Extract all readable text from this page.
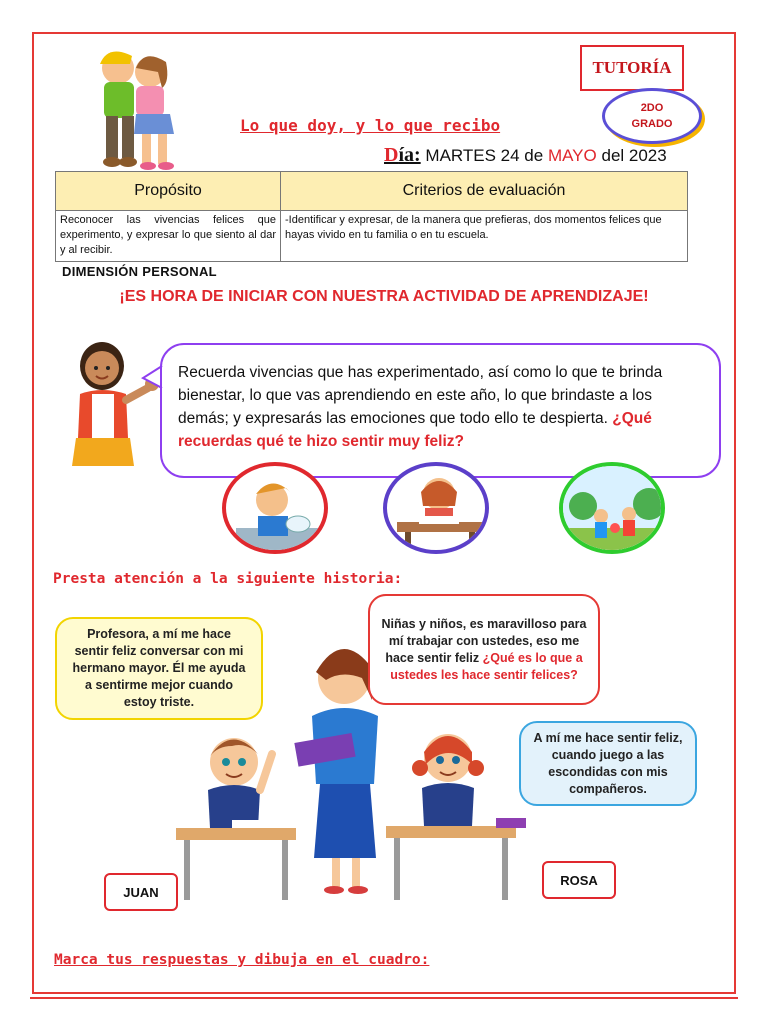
TUTORÍA
2DO
GRADO
Lo que doy, y lo que recibo
Día: MARTES 24 de MAYO del 2023
Propósito	Criterios de evaluación
Reconocer las vivencias felices que experimento, y expresar lo que siento al dar y al recibir.	-Identificar y expresar, de la manera que prefieras, dos momentos felices que hayas vivido en tu familia o en tu escuela.
DIMENSIÓN PERSONAL
¡ES HORA DE INICIAR CON NUESTRA ACTIVIDAD DE APRENDIZAJE!
Recuerda vivencias que has experimentado, así como lo que te brinda bienestar, lo que vas aprendiendo en este año, lo que brindaste a los demás; y expresarás las emociones que todo ello te despierta. ¿Qué recuerdas qué te hizo sentir muy feliz?
Presta atención a la siguiente historia:
Profesora, a mí me hace sentir feliz conversar con mi hermano mayor. Él me ayuda a sentirme mejor cuando estoy triste.
Niñas y niños, es maravilloso para mí trabajar con ustedes, eso me hace sentir feliz ¿Qué es lo que a ustedes les hace sentir felices?
A mí me hace sentir feliz, cuando juego a las escondidas con mis compañeros.
JUAN
ROSA
Marca tus respuestas y dibuja en el cuadro:
